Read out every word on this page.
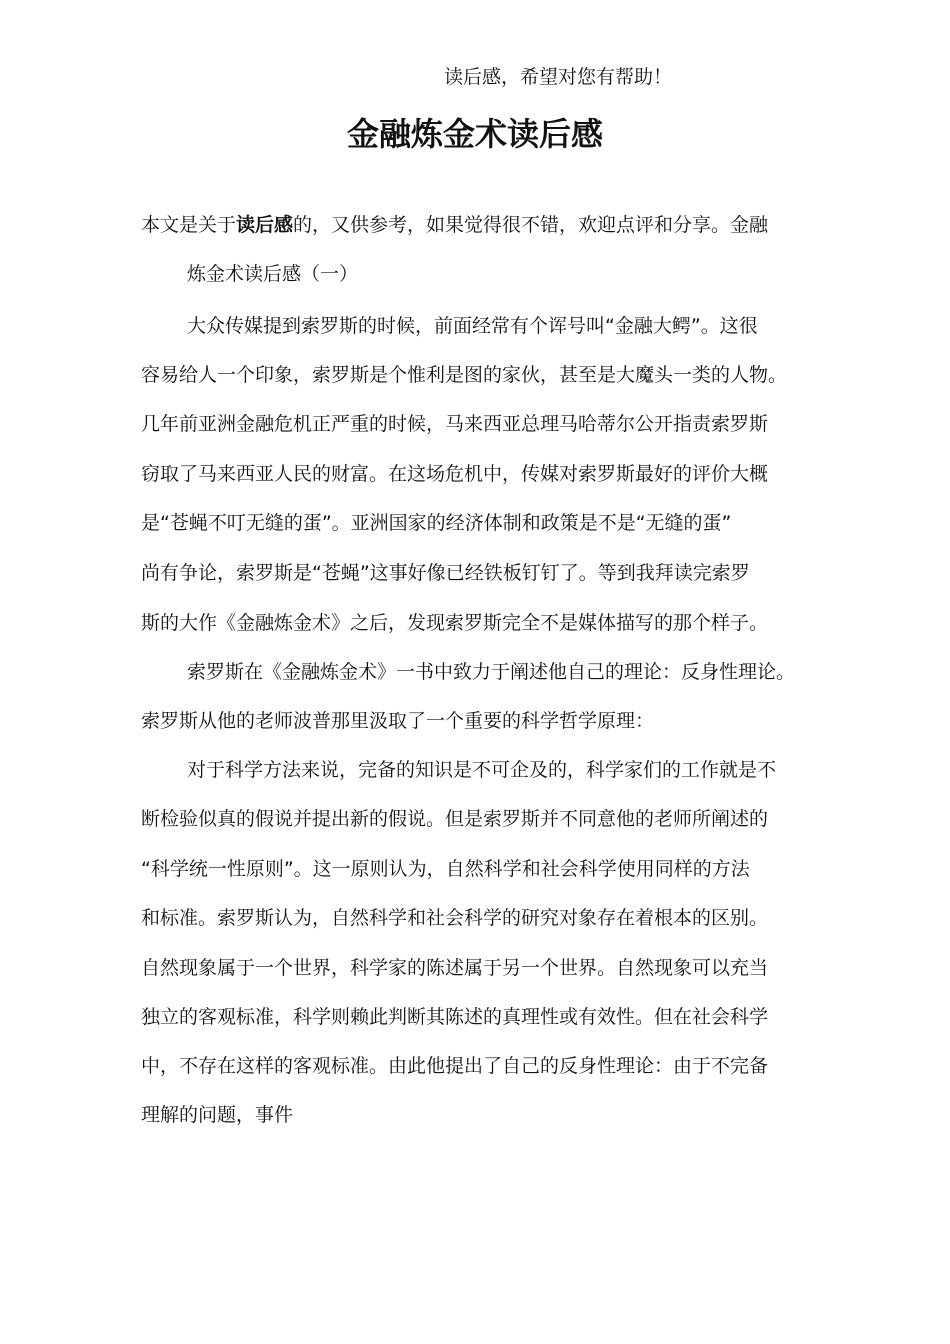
读后感，希望对您有帮助！
金融炼金术读后感
本文是关于读后感的，又供参考，如果觉得很不错，欢迎点评和分享。金融
炼金术读后感（一）
大众传媒提到索罗斯的时候，前面经常有个诨号叫“金融大鳄”。这很
容易给人一个印象，索罗斯是个惟利是图的家伙，甚至是大魔头一类的人物。
几年前亚洲金融危机正严重的时候，马来西亚总理马哈蒂尔公开指责索罗斯
窃取了马来西亚人民的财富。在这场危机中，传媒对索罗斯最好的评价大概
是“苍蝇不叮无缝的蛋”。亚洲国家的经济体制和政策是不是“无缝的蛋”
尚有争论，索罗斯是“苍蝇”这事好像已经铁板钉钉了。等到我拜读完索罗
斯的大作《金融炼金术》之后，发现索罗斯完全不是媒体描写的那个样子。
索罗斯在《金融炼金术》一书中致力于阐述他自己的理论：反身性理论。
索罗斯从他的老师波普那里汲取了一个重要的科学哲学原理：
对于科学方法来说，完备的知识是不可企及的，科学家们的工作就是不
断检验似真的假说并提出新的假说。但是索罗斯并不同意他的老师所阐述的
“科学统一性原则”。这一原则认为，自然科学和社会科学使用同样的方法
和标准。索罗斯认为，自然科学和社会科学的研究对象存在着根本的区别。
自然现象属于一个世界，科学家的陈述属于另一个世界。自然现象可以充当
独立的客观标准，科学则赖此判断其陈述的真理性或有效性。但在社会科学
中，不存在这样的客观标准。由此他提出了自己的反身性理论：由于不完备
理解的问题，事件
